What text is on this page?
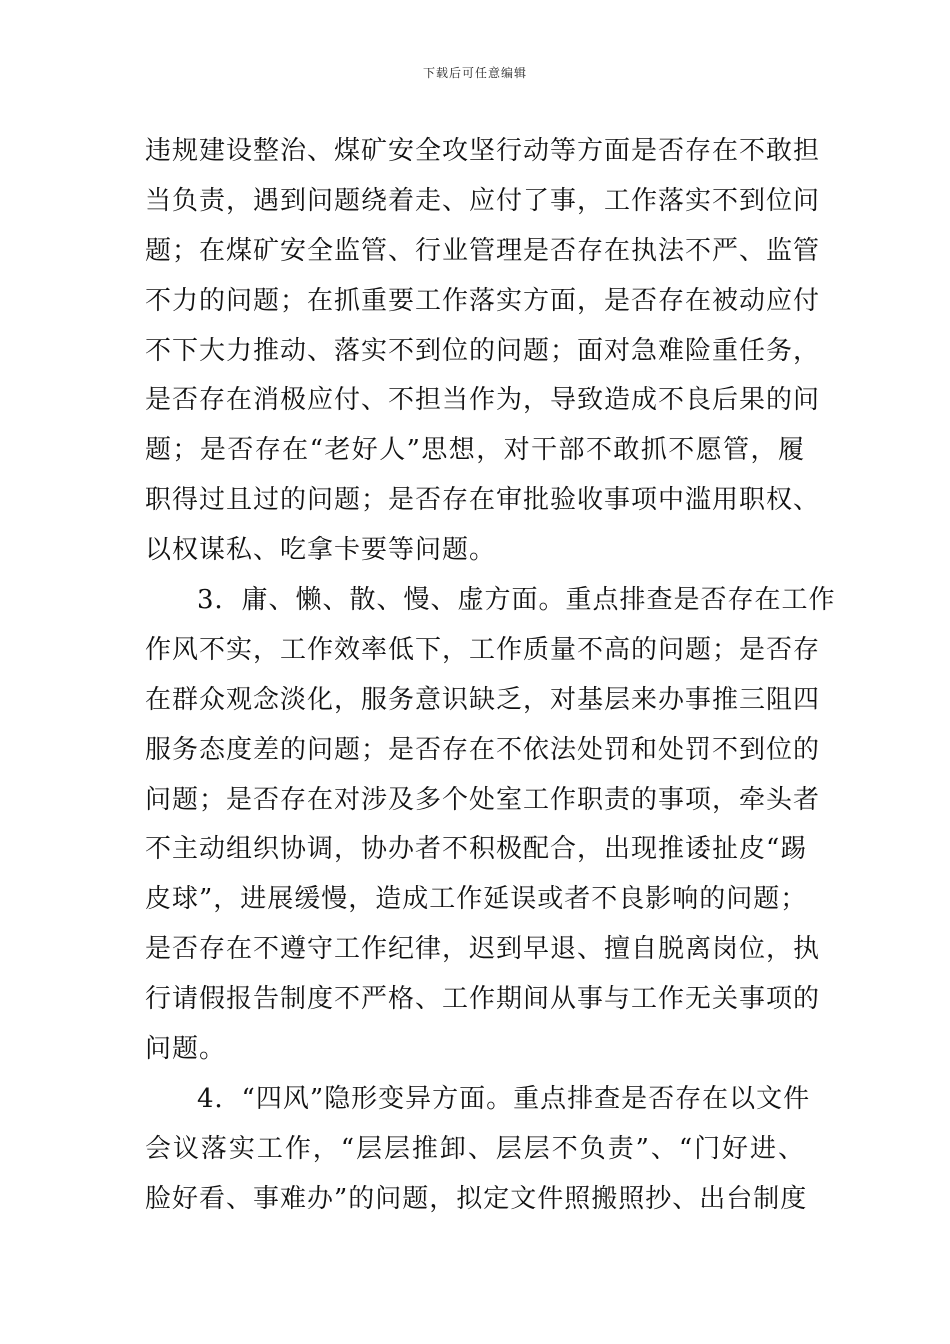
下载后可任意编辑
违规建设整治、煤矿安全攻坚行动等方面是否存在不敢担
当负责，遇到问题绕着走、应付了事，工作落实不到位问
题；在煤矿安全监管、行业管理是否存在执法不严、监管
不力的问题；在抓重要工作落实方面，是否存在被动应付
不下大力推动、落实不到位的问题；面对急难险重任务，
是否存在消极应付、不担当作为，导致造成不良后果的问
题；是否存在“老好人”思想，对干部不敢抓不愿管，履
职得过且过的问题；是否存在审批验收事项中滥用职权、
以权谋私、吃拿卡要等问题。
3．庸、懒、散、慢、虚方面。重点排查是否存在工作
作风不实，工作效率低下，工作质量不高的问题；是否存
在群众观念淡化，服务意识缺乏，对基层来办事推三阻四
服务态度差的问题；是否存在不依法处罚和处罚不到位的
问题；是否存在对涉及多个处室工作职责的事项，牵头者
不主动组织协调，协办者不积极配合，出现推诿扯皮“踢
皮球”，进展缓慢，造成工作延误或者不良影响的问题；
是否存在不遵守工作纪律，迟到早退、擅自脱离岗位，执
行请假报告制度不严格、工作期间从事与工作无关事项的
问题。
4．“四风”隐形变异方面。重点排查是否存在以文件
会议落实工作，“层层推卸、层层不负责”、“门好进、
脸好看、事难办”的问题，拟定文件照搬照抄、出台制度
